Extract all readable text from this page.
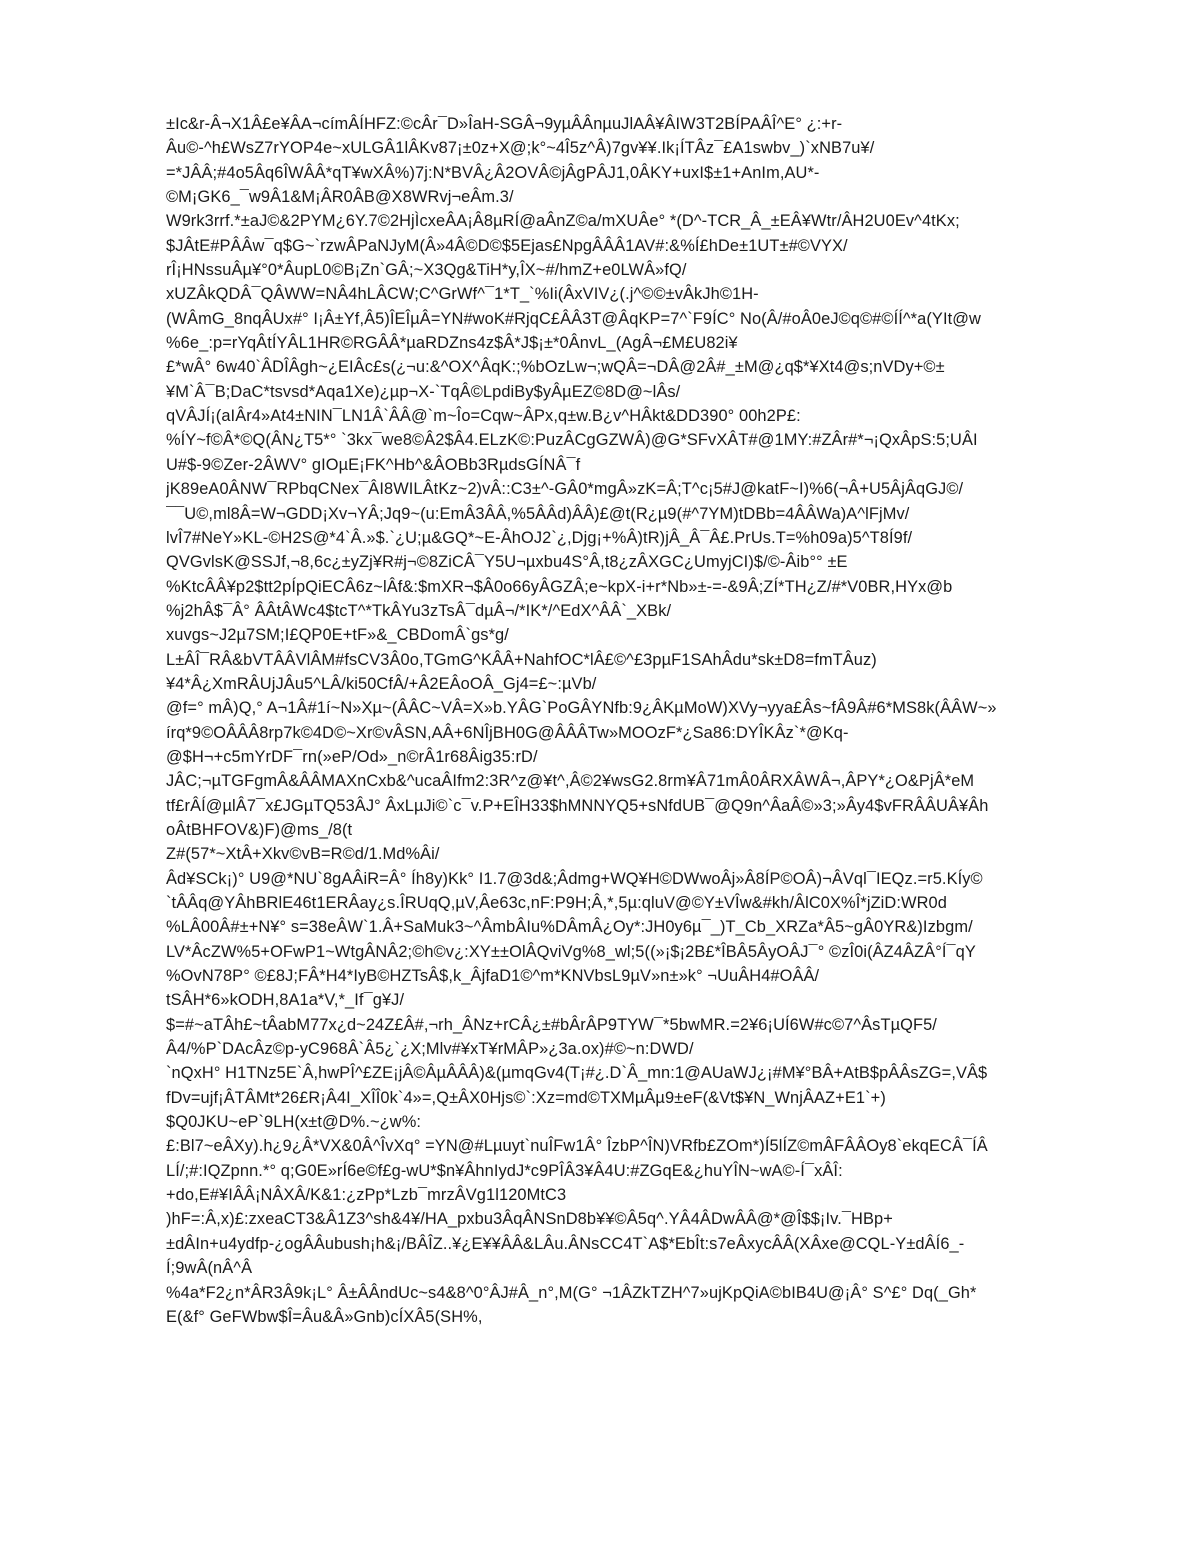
±Ic&r-Â¬X1Â£e¥ÂA¬címÂÍHFZ:©cÂr¯D»ÎaH-SGÂ¬9yµÂÂnµuJlAÂ¥ÂIW3T2BÍPAÂÎ^E° ¿:+r-
Âu©-^h£WsZ7rYOP4e~xULGÂ1lÂKv87¡±0z+X@;k°~4Î5z^Â)7gv¥¥.Ik¡ÍTÂz¯£A1swbv_)`xNB7u¥/
=*JÂÂ;#4o5Âq6ÎWÂÂ*qT¥wXÂ%)7j:N*BVÂ¿Â2OVÂ©jÂgPÂJ1,0ÂKY+uxI$±1+AnIm,AU*-
©M¡GK6_¯w9Â1&M¡ÂR0ÂB@X8WRvj¬eÂm.3/
W9rk3rrf.*±aJ©&2PYM¿6Y.7©2HjÌcxeÂA¡Â8µRÍ@aÂnZ©a/mXUÂe° *(D^-TCR_Â_±EÂ¥Wtr/ÂH2U0Ev^4tKx;
$JÂtE#PÂÂw¯q$G~`rzwÂPaNJyM(Â»4Â©D©$5Ejas£NpgÂÂÂ1AV#:&%Í£hDe±1UT±#©VYX/
rÎ¡HNssuÂµ¥°0*ÂupL0©B¡Zn`GÂ;~X3Qg&TiH*y,ÎX~#/hmZ+e0LWÂ»fQ/
xUZÂkQDÂ¯QÂWW=NÂ4hLÂCW;C^GrWf^¯1*T_`%Ii(ÂxVIV¿(.j^©©±vÂkJh©1H-
(WÂmG_8nqÂUx#° I¡Â±Yf,Â5)ÎEÎµÂ=YN#woK#RjqC£ÂÂ3T@ÂqKP=7^`F9ÍC° No(Â/#oÂ0eJ©q©#©ÍÍ^*a(YIt@w
%6e_:p=rYqÂtÍYÂL1HR©RGÂÂ*µaRDZns4z$Â*J$¡±*0ÂnvL_(AgÂ¬£M£U82i¥
£*wÂ° 6w40`ÂDÎÂgh~¿EIÂc£s(¿¬u:&^OX^ÂqK:;%bOzLw¬;wQÂ=¬DÂ@2Â#_±M@¿q$*¥Xt4@s;nVDy+©±
¥M`Â¯B;DaC*tsvsd*Aqa1Xe)¿µp¬X-`TqÂ©LpdiBy$yÂµEZ©8D@~lÂs/
qVÂJÍ¡(aIÂr4»At4±NIN¯LN1Â`ÂÂ@`m~Îo=Cqw~ÂPx,q±w.B¿v^HÂkt&DD390° 00h2P£:
%ÍY~f©Â*©Q(ÂN¿T5*° `3kx¯we8©Â2$Â4.ELzK©:PuzÂCgGZWÂ)@G*SFvXÂT#@1MY:#ZÂr#*¬¡QxÂpS:5;UÂI
U#$-9©Zer-2ÂWV° gIOµE¡FK^Hb^&ÂOBb3RµdsGÍNÂ¯f
jK89eA0ÂNW¯RPbqCNex¯ÂI8WILÂtKz~2)vÂ::C3±^-GÂ0*mgÂ»zK=Â;T^c¡5#J@katF~I)%6(¬Â+U5ÂjÂqGJ©/
¯¯U©,ml8Â=W¬GDD¡Xv¬YÂ;Jq9~(u:EmÂ3ÂÂ,%5ÂÂd)ÂÂ)£@t(R¿µ9(#^7YM)tDBb=4ÂÂWa)A^lFjMv/
lvÎ7#NeY»KL-©H2S@*4`Â.»$.`¿U;µ&GQ*~E-ÂhOJ2`¿,Djg¡+%Â)tR)jÂ_Â¯Â£.PrUs.T=%h09a)5^T8Í9f/
QVGvlsK@SSJf,¬8,6c¿±yZj¥R#j¬©8ZiCÂ¯Y5U¬µxbu4S°Â,t8¿zÂXGC¿UmyjCI)$/©-Âib°° ±E
%KtcÂÂ¥p2$tt2pÍpQiECÂ6z~lÂf&:$mXR¬$Â0o66yÂGZÂ;e~kpX-i+r*Nb»±-=-&9Â;ZÍ*TH¿Z/#*V0BR,HYx@b
%j2hÂ$¯Â° ÂÂtÂWc4$tcT^*TkÂYu3zTsÂ¯dµÂ¬/*IK*/^EdX^ÂÂ`_XBk/
xuvgs~J2µ7SM;I£QP0E+tF»&_CBDomÂ`gs*g/
L±ÂÎ¯RÂ&bVTÂÂVlÂM#fsCV3Â0o,TGmG^KÂÂ+NahfOC*lÂ£©^£3pµF1SAhÂdu*sk±D8=fmTÂuz)
¥4*Â¿XmRÂUjJÂu5^LÂ/ki50CfÂ/+Â2EÂoOÂ_Gj4=£~:µVb/
@f=° mÂ)Q,° A¬1Â#1í~N»Xµ~(ÂÂC~VÂ=X»b.YÂG`PoGÂYNfb:9¿ÂKµMoW)XVy¬yya£Âs~fÂ9Â#6*MS8k(ÂÂW~»
írq*9©OÂÂÂ8rp7k©4D©~Xr©vÂSN,AÂ+6NÎjBH0G@ÂÂÂTw»MOOzF*¿Sa86:DYÎKÂz`*@Kq-
@$H¬+c5mYrDF¯rn(»eP/Od»_n©rÂ1r68Âig35:rD/
JÂC;¬µTGFgmÂ&ÂÂMAXnCxb&^ucaÂIfm2:3R^z@¥t^,Â©2¥wsG2.8rm¥Â71mÂ0ÂRXÂWÂ¬,ÂPY*¿O&PjÂ*eM
tf£rÂÍ@µlÂ7¯x£JGµTQ53ÂJ° ÂxLµJi©`c¯v.P+EÎH33$hMNNYQ5+sNfdUB¯@Q9n^ÂaÂ©»3;»Ây4$vFRÂÂUÂ¥Âh
oÂtBHFOV&)F)@ms_/8(t
Z#(57*~XtÂ+Xkv©vB=R©d/1.Md%Âi/
Âd¥SCk¡)° U9@*NU`8gAÂiR=Â° Íh8y)Kk° I1.7@3d&;Âdmg+WQ¥H©DWwoÂj»Â8ÍP©OÂ)¬ÂVql¯IEQz.=r5.KÍy©
`tÂÂq@YÂhBRlE46t1ERÂay¿s.ÎRUqQ,µV,Âe63c,nF:P9H;Â,*,5µ:qluV@©Y±VÎw&#kh/ÂlC0X%Î*jZiD:WR0d
%LÂ00Â#±+N¥° s=38eÂW`1.Â+SaMuk3~^ÂmbÂIu%DÂmÂ¿Oy*:JH0y6µ¯_)T_Cb_XRZa*Â5~gÂ0YR&)Izbgm/
LV*ÂcZW%5+OFwP1~WtgÂNÂ2;©h©v¿:XY±±OlÂQviVg%8_wl;5((»¡$¡2B£*ÎBÂ5ÂyOÂJ¯° ©zÎ0i(ÂZ4ÂZÂ°Í¯qY
%OvN78P° ©£8J;FÂ*H4*IyB©HZTsÂ$,k_ÂjfaD1©^m*KNVbsL9µV»n±»k° ¬UuÂH4#OÂÂ/
tSÂH*6»kODH,8A1a*V,*_If¯g¥J/
$=#~aTÂh£~tÂabM77x¿d~24Z£Â#,¬rh_ÂNz+rCÂ¿±#bÂrÂP9TYW¯*5bwMR.=2¥6¡UÍ6W#c©7^ÂsTµQF5/
Â4/%P`DAcÂz©p-yC968Â`Â5¿`¿X;Mlv#¥xT¥rMÂP»¿3a.ox)#©~n:DWD/
`nQxH° H1TNz5E`Â,hwPÎ^£ZE¡jÂ©ÂµÂÂÂ)&(µmqGv4(T¡#¿.D`Â_mn:1@AUaWJ¿¡#M¥°BÂ+AtB$pÂÂsZG=,VÂ$
fDv=ujf¡ÂTÂMt*26£R¡Â4I_XÎÎ0k`4»=,Q±ÂX0Hjs©`:Xz=md©TXMµÂµ9±eF(&Vt$¥N_WnjÂAZ+E1`+)
$Q0JKU~eP`9LH(x±t@D%.~¿w%:
£:Bl7~eÂXy).h¿9¿Â*VX&0Â^ÎvXq° =YN@#Lµuyt`nuÎFw1Â° ÎzbP^ÎN)VRfb£ZOm*)Í5lÍZ©mÂFÂÂOy8`ekqECÂ¯ÍÂ
LÍ/;#:IQZpnn.*° q;G0E»rÍ6e©f£g-wU*$n¥ÂhnIydJ*c9PÎÂ3¥Â4U:#ZGqE&¿huYÎN~wA©-Í¯xÂÎ:
+do,E#¥IÂÂ¡NÂXÂ/K&1:¿zPp*Lzb¯mrzÂVg1l120MtC3
)hF=:Â,x)£:zxeaCT3&Â1Z3^sh&4¥/HA_pxbu3ÂqÂNSnD8b¥¥©Â5q^.YÂ4ÂDwÂÂ@*@Î$$¡Iv.¯HBp+
±dÂIn+u4ydfp-¿ogÂÂubush¡h&¡/BÂÎZ..¥¿E¥¥ÂÂ&LÂu.ÂNsCC4T`A$*EbÎt:s7eÂxycÂÂ(XÂxe@CQL-Y±dÂÍ6_-
Í;9wÂ(nÂ^Â
%4a*F2¿n*ÂR3Â9k¡L° Â±ÂÂndUc~s4&8^0°ÂJ#Â_n°,M(G° ¬1ÂZkTZH^7»ujKpQiA©bIB4U@¡Â° S^£° Dq(_Gh*
E(&f° GeFWbw$Î=Âu&Â»Gnb)cÍXÂ5(SH%,
